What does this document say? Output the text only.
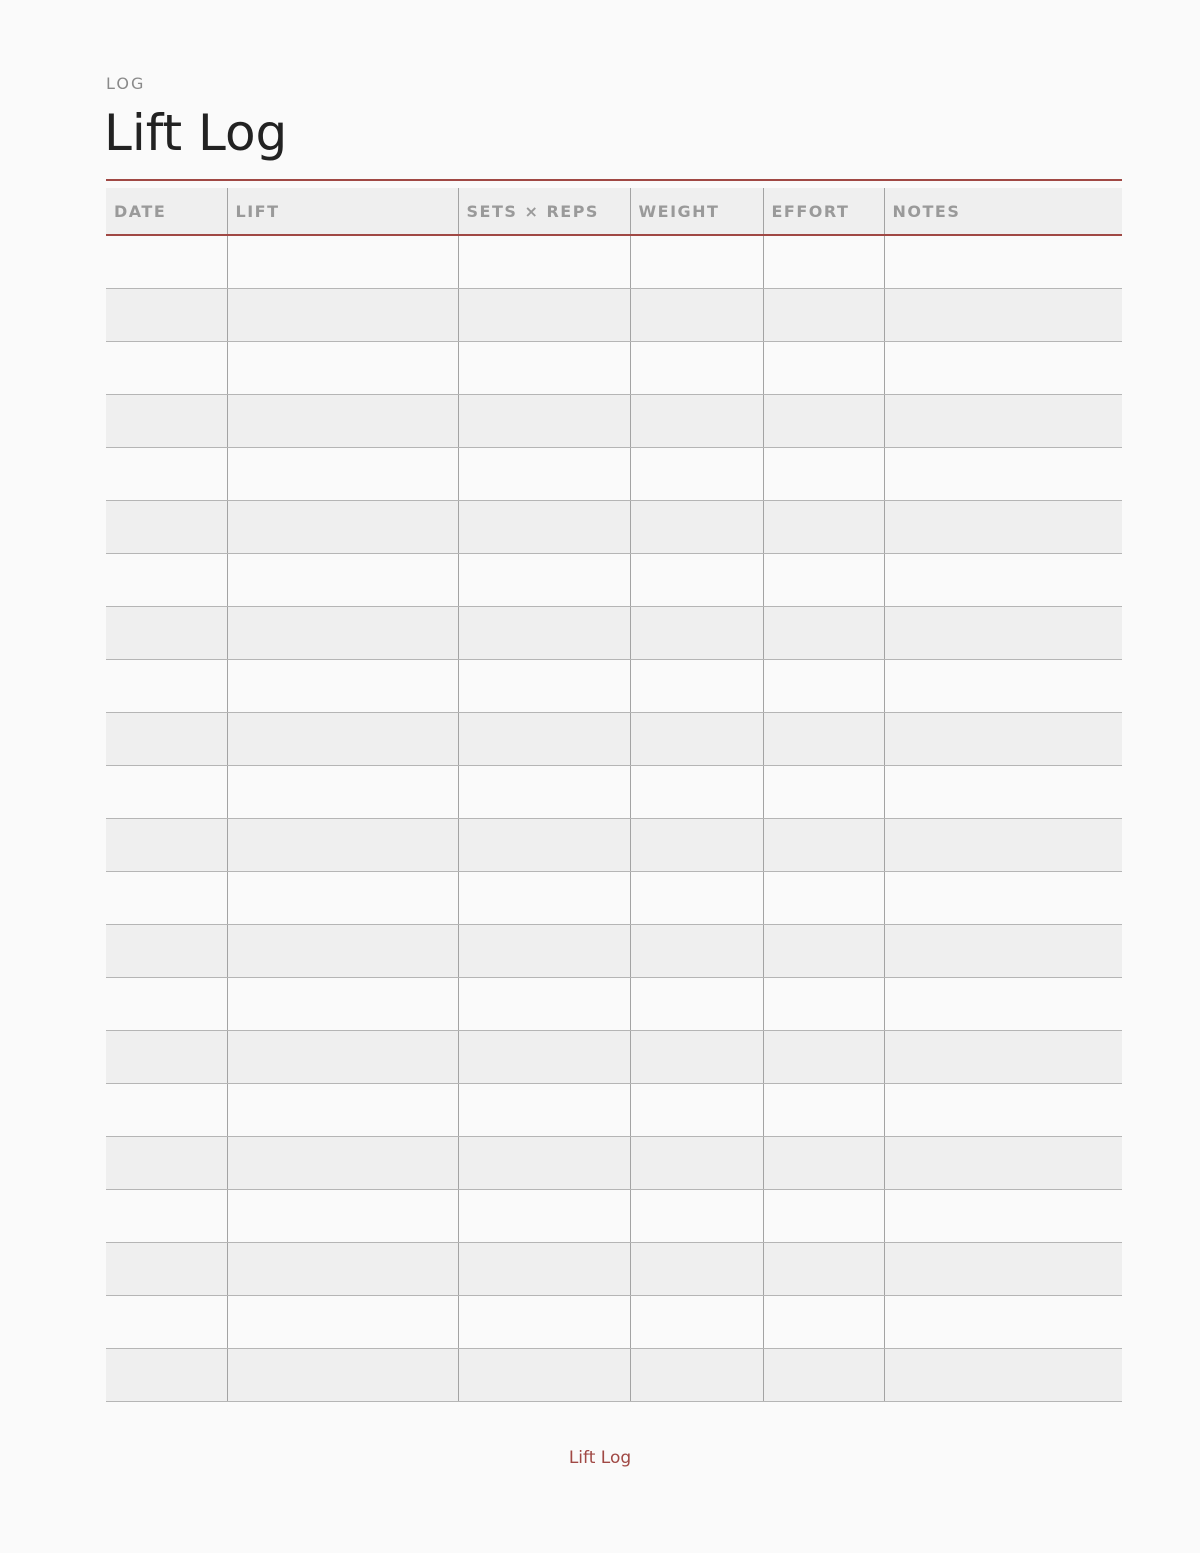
LOG
Lift Log
DATE	LIFT	SETS × REPS	WEIGHT	EFFORT	NOTES

Lift Log
